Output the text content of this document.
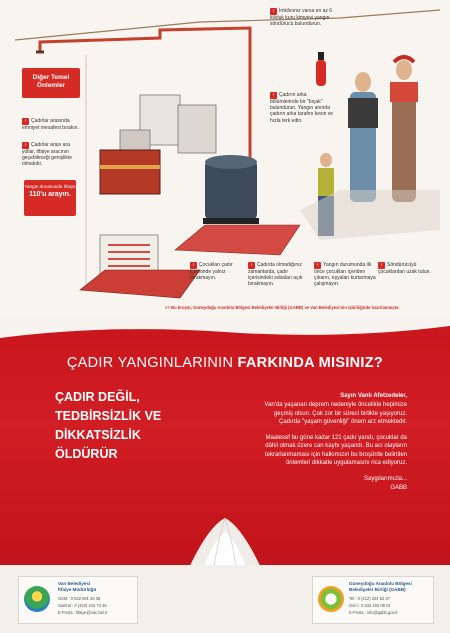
Diğer Temel Önlemler
› Çadırlar arasında emniyet mesafesi bırakın.
› Çadırlar arası ara yollar, itfaiye aracının geçebileceği genişlikte olmalıdır.
Yangın durumunda İtfaiye
110'u arayın.
› İmkânınız varsa en az 6 kiloluk kuru kimyevi yangın söndürücü bulundurun.
› Çadırın arka bölümlerinde bir "bıçak" bulundurun. Yangın anında çadırın arka tarafını kesin ve hızla terk edin.
› Çocukları çadır içerisinde yalnız bırakmayın.
› Çadırda olmadığınız zamanlarda, çadır içerisindeki sobaları açık bırakmayın.
› Yangın durumunda ilk önce çocukları içeriden çıkarın, eşyaları kurtarmaya çalışmayın.
› Söndürücüyü çocuklardan uzak tutun.
>> Bu broşür, Güneydoğu Anadolu Bölgesi Belediyeler Birliği (GABB) ve Van Belediyesi'nin işbirliğinde hazırlanmıştır.
ÇADIR YANGINLARININ FARKINDA MISINIZ?
ÇADIR DEĞİL,
TEDBİRSİZLİK VE
DİKKATSİZLİK
ÖLDÜRÜR

Sayın Vanlı Afetzedeler,

Van'da yaşanan deprem nedeniyle öncelikle hepimize geçmiş olsun. Çok zor bir süreci birlikte yaşıyoruz. Çadırda "yaşam güvenliği" önem arz etmektedir.

Maalesef bu güne kadar 121 çadır yandı, çocuklar da dâhil olmak üzere can kaybı yaşandı. Bu acı olayların tekrarlanmaması için halkımızın bu broşürde belirtilen önlemleri dikkatle uygulamasını rica ediyoruz.

Saygılarımızla...

GABB

Van Belediyesi
İtfaiye Müdürlüğü
GSM : 0 532 691 26 38
Santral : 0 (432) 216 73 46
E-Posta : itfaiye@van.bel.tr
Güneydoğu Anadolu Bölgesi
Belediyeler Birliği (GABB)
Tel : 0 (412) 224 52 37
Gsm : 0 532 402 08 01
E-Posta : info@gabb.gov.tr
